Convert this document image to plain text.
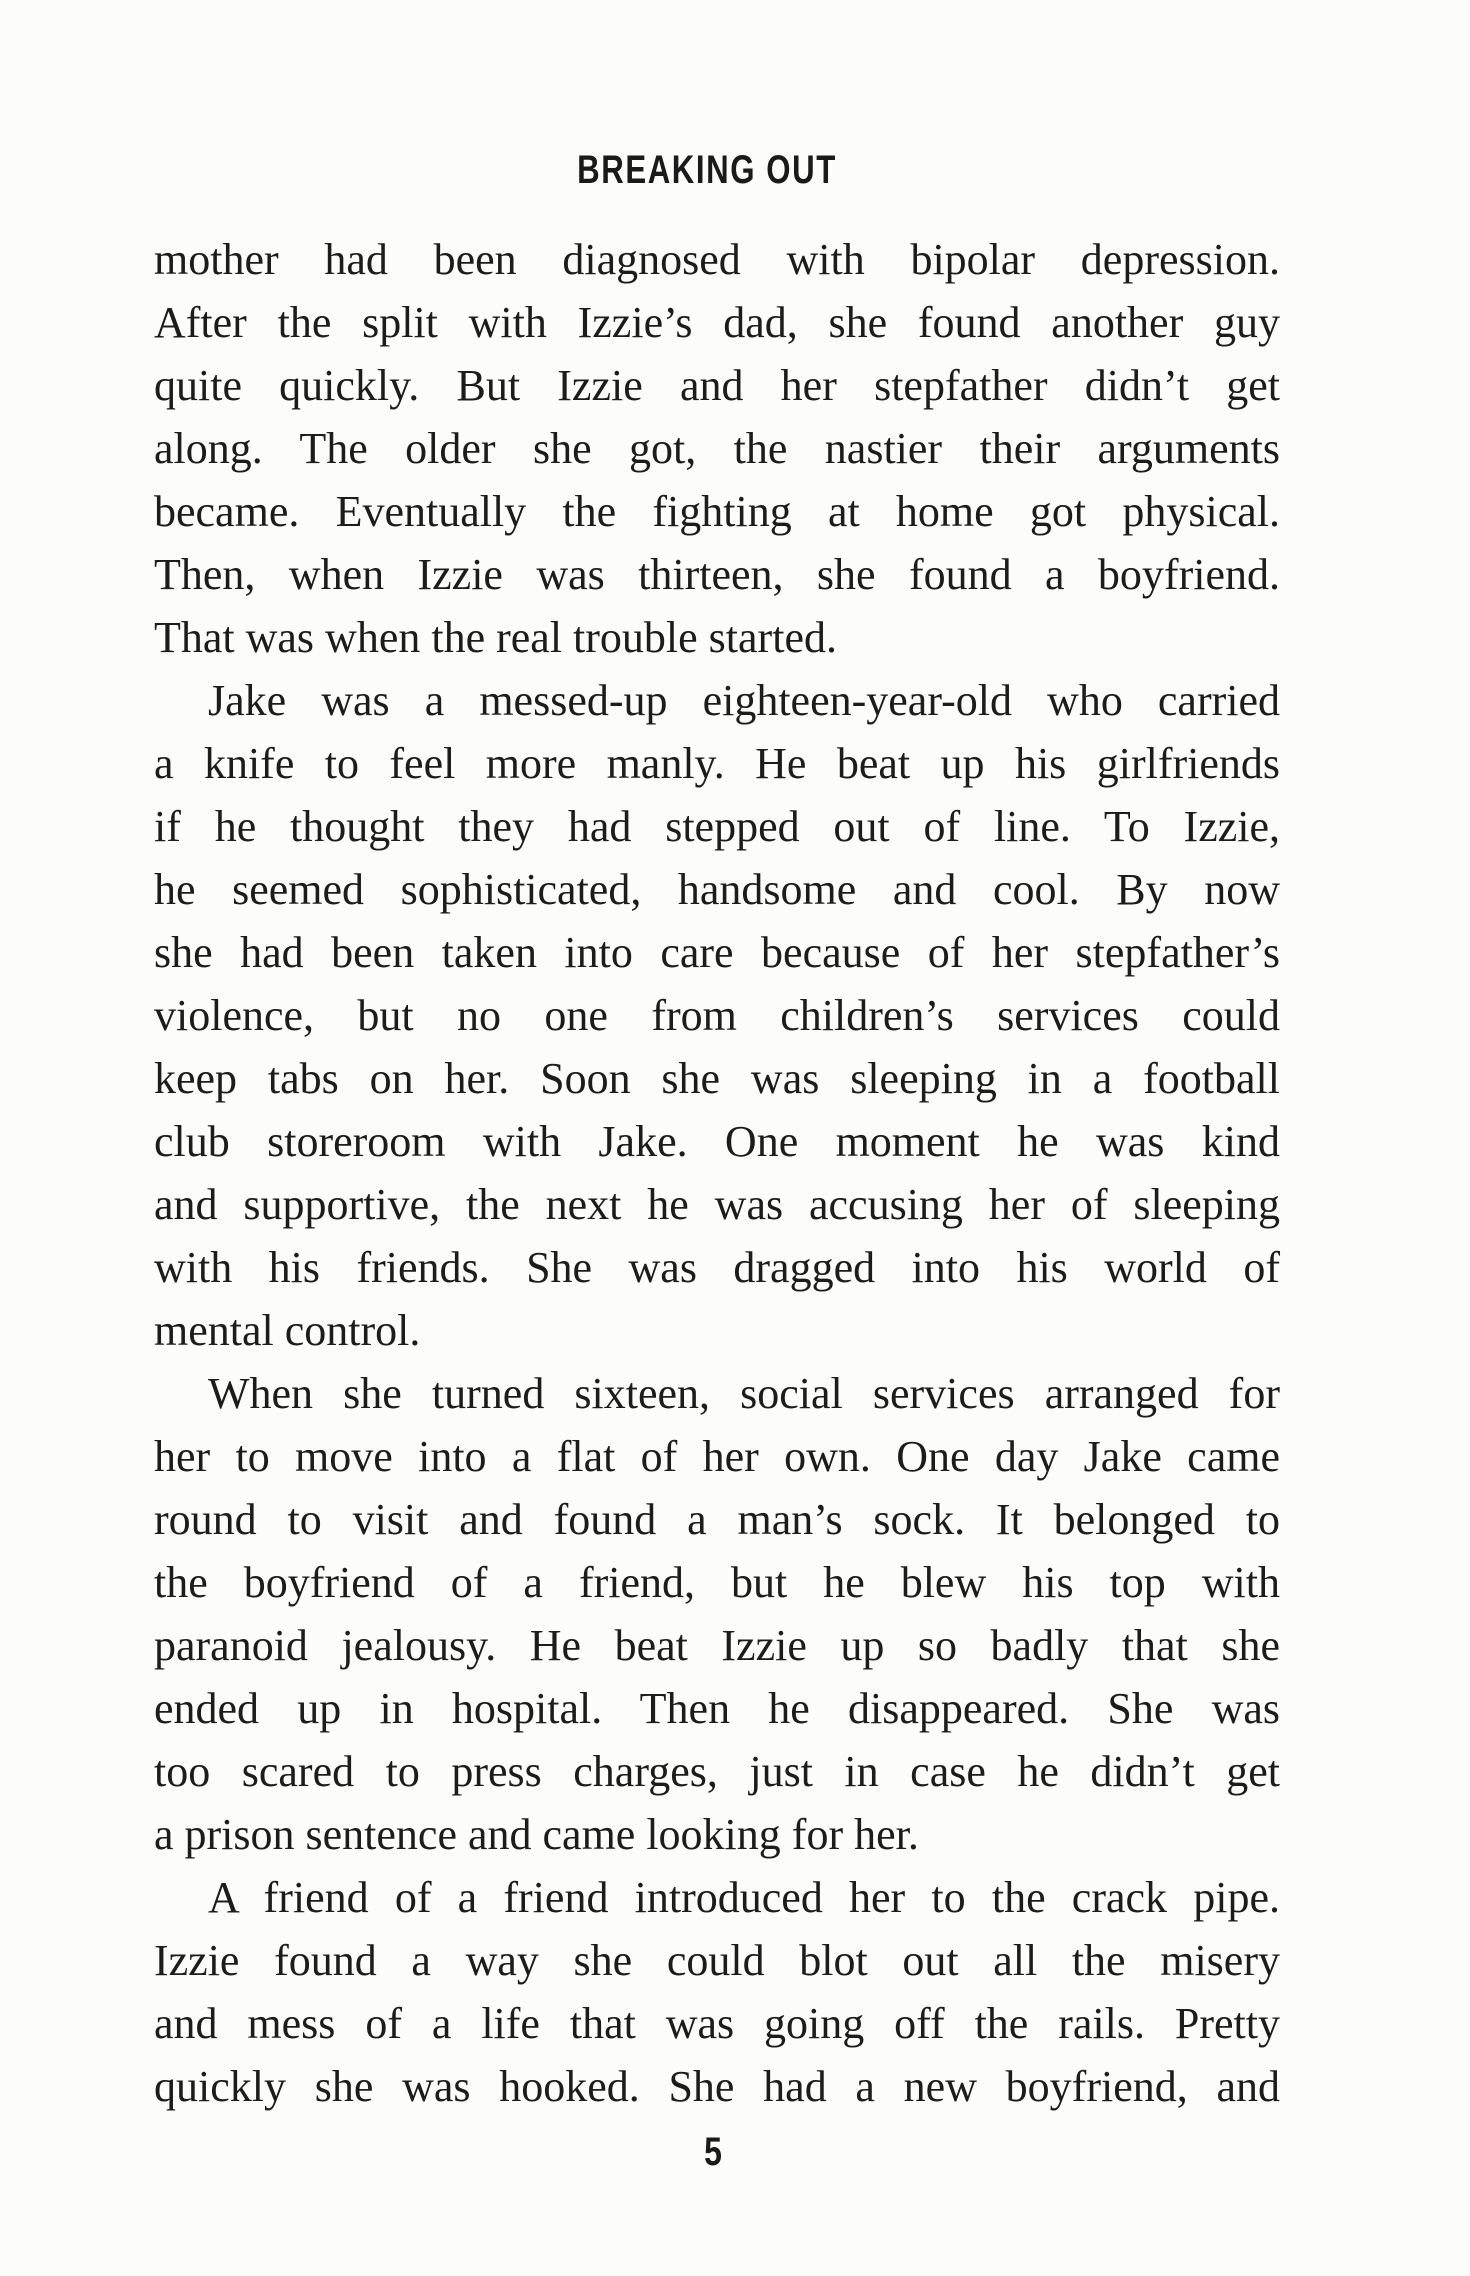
BREAKING OUT
mother had been diagnosed with bipolar depression.
After the split with Izzie’s dad, she found another guy
quite quickly. But Izzie and her stepfather didn’t get
along. The older she got, the nastier their arguments
became. Eventually the fighting at home got physical.
Then, when Izzie was thirteen, she found a boyfriend.
That was when the real trouble started.
Jake was a messed-up eighteen-year-old who carried
a knife to feel more manly. He beat up his girlfriends
if he thought they had stepped out of line. To Izzie,
he seemed sophisticated, handsome and cool. By now
she had been taken into care because of her stepfather’s
violence, but no one from children’s services could
keep tabs on her. Soon she was sleeping in a football
club storeroom with Jake. One moment he was kind
and supportive, the next he was accusing her of sleeping
with his friends. She was dragged into his world of
mental control.
When she turned sixteen, social services arranged for
her to move into a flat of her own. One day Jake came
round to visit and found a man’s sock. It belonged to
the boyfriend of a friend, but he blew his top with
paranoid jealousy. He beat Izzie up so badly that she
ended up in hospital. Then he disappeared. She was
too scared to press charges, just in case he didn’t get
a prison sentence and came looking for her.
A friend of a friend introduced her to the crack pipe.
Izzie found a way she could blot out all the misery
and mess of a life that was going off the rails. Pretty
quickly she was hooked. She had a new boyfriend, and
5
